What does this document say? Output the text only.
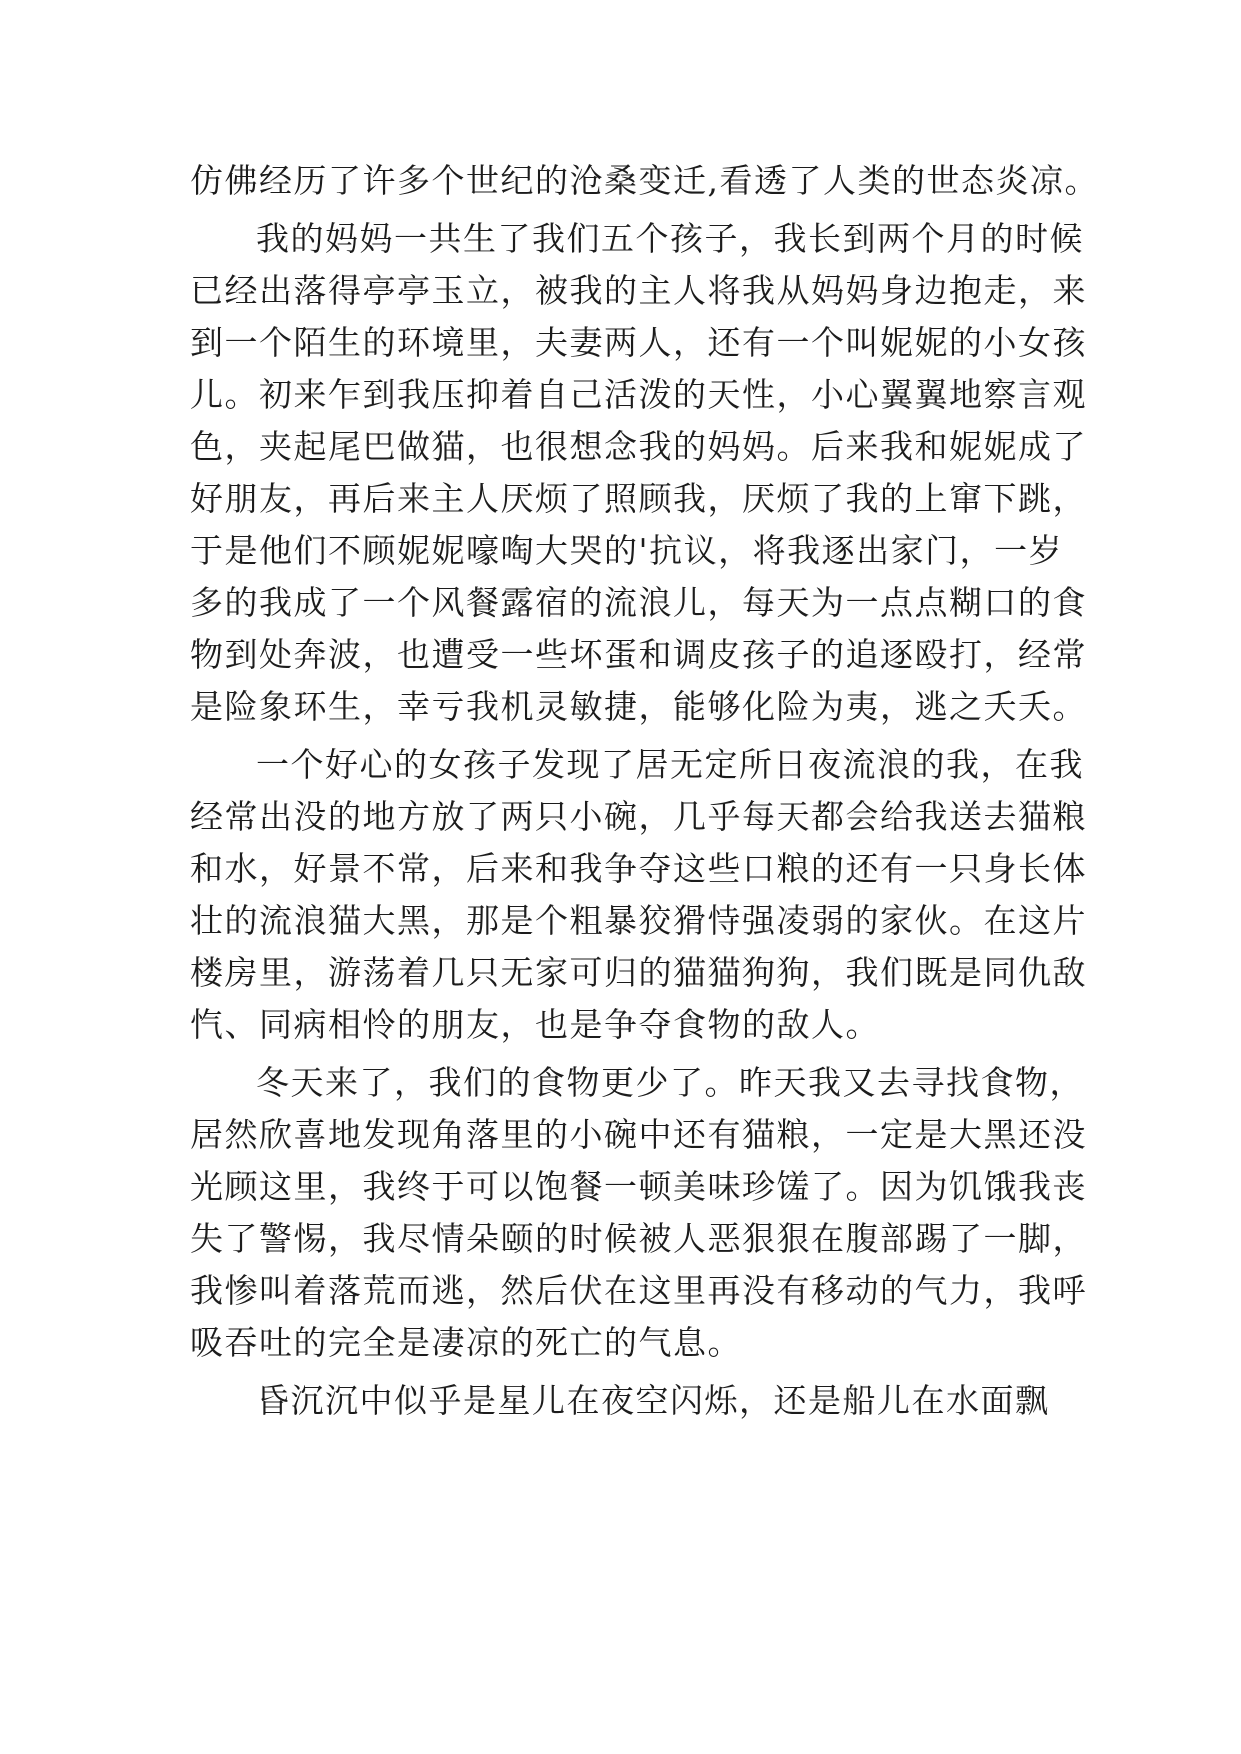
仿佛经历了许多个世纪的沧桑变迁,看透了人类的世态炎凉。
我的妈妈一共生了我们五个孩子，我长到两个月的时候
已经出落得亭亭玉立，被我的主人将我从妈妈身边抱走，来
到一个陌生的环境里，夫妻两人，还有一个叫妮妮的小女孩
儿。初来乍到我压抑着自己活泼的天性，小心翼翼地察言观
色，夹起尾巴做猫，也很想念我的妈妈。后来我和妮妮成了
好朋友，再后来主人厌烦了照顾我，厌烦了我的上窜下跳，
于是他们不顾妮妮嚎啕大哭的'抗议，将我逐出家门，一岁
多的我成了一个风餐露宿的流浪儿，每天为一点点糊口的食
物到处奔波，也遭受一些坏蛋和调皮孩子的追逐殴打，经常
是险象环生，幸亏我机灵敏捷，能够化险为夷，逃之夭夭。
一个好心的女孩子发现了居无定所日夜流浪的我，在我
经常出没的地方放了两只小碗，几乎每天都会给我送去猫粮
和水，好景不常，后来和我争夺这些口粮的还有一只身长体
壮的流浪猫大黑，那是个粗暴狡猾恃强凌弱的家伙。在这片
楼房里，游荡着几只无家可归的猫猫狗狗，我们既是同仇敌
忾、同病相怜的朋友，也是争夺食物的敌人。
冬天来了，我们的食物更少了。昨天我又去寻找食物，
居然欣喜地发现角落里的小碗中还有猫粮，一定是大黑还没
光顾这里，我终于可以饱餐一顿美味珍馐了。因为饥饿我丧
失了警惕，我尽情朵颐的时候被人恶狠狠在腹部踢了一脚，
我惨叫着落荒而逃，然后伏在这里再没有移动的气力，我呼
吸吞吐的完全是凄凉的死亡的气息。
昏沉沉中似乎是星儿在夜空闪烁，还是船儿在水面飘
